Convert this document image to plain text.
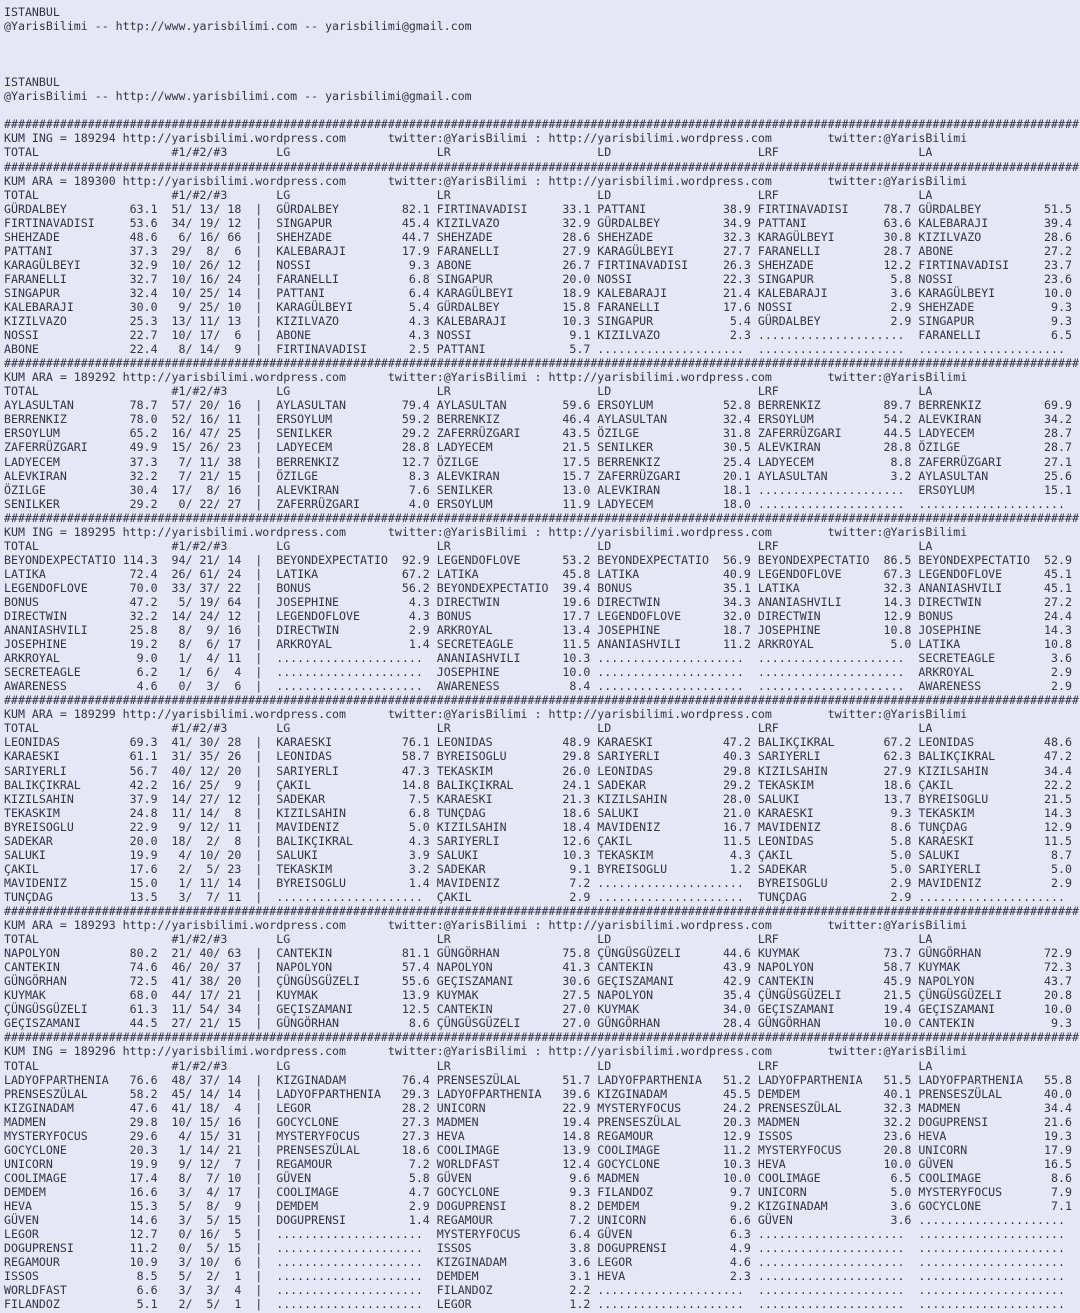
ISTANBUL
@YarisBilimi -- http://www.yarisbilimi.com -- yarisbilimi@gmail.com
ISTANBUL
@YarisBilimi -- http://www.yarisbilimi.com -- yarisbilimi@gmail.com
##########################################################################################################################################################
KUM ING = 189294 http://yarisbilimi.wordpress.com      twitter:@YarisBilimi : http://yarisbilimi.wordpress.com        twitter:@YarisBilimi
TOTAL                   #1/#2/#3       LG                     LR                     LD                     LRF                    LA
##########################################################################################################################################################
KUM ARA = 189300 http://yarisbilimi.wordpress.com      twitter:@YarisBilimi : http://yarisbilimi.wordpress.com        twitter:@YarisBilimi
TOTAL                   #1/#2/#3       LG                     LR                     LD                     LRF                    LA
GÜRDALBEY         63.1  51/ 13/ 18  |  GÜRDALBEY         82.1 FIRTINAVADISI     33.1 PATTANI           38.9 FIRTINAVADISI     78.7 GÜRDALBEY         51.5
FIRTINAVADISI     53.6  34/ 19/ 12  |  SINGAPUR          45.4 KIZILVAZO         32.9 GÜRDALBEY         34.9 PATTANI           63.6 KALEBARAJI        39.4
SHEHZADE          48.6   6/ 16/ 66  |  SHEHZADE          44.7 SHEHZADE          28.6 SHEHZADE          32.3 KARAGÜLBEYI       30.8 KIZILVAZO         28.6
PATTANI           37.3  29/  8/  6  |  KALEBARAJI        17.9 FARANELLI         27.9 KARAGÜLBEYI       27.7 FARANELLI         28.7 ABONE             27.2
KARAGÜLBEYI       32.9  10/ 26/ 12  |  NOSSI              9.3 ABONE             26.7 FIRTINAVADISI     26.3 SHEHZADE          12.2 FIRTINAVADISI     23.7
FARANELLI         32.7  10/ 16/ 24  |  FARANELLI          6.8 SINGAPUR          20.0 NOSSI             22.3 SINGAPUR           5.8 NOSSI             23.6
SINGAPUR          32.4  10/ 25/ 14  |  PATTANI            6.4 KARAGÜLBEYI       18.9 KALEBARAJI        21.4 KALEBARAJI         3.6 KARAGÜLBEYI       10.0
KALEBARAJI        30.0   9/ 25/ 10  |  KARAGÜLBEYI        5.4 GÜRDALBEY         15.8 FARANELLI         17.6 NOSSI              2.9 SHEHZADE           9.3
KIZILVAZO         25.3  13/ 11/ 13  |  KIZILVAZO          4.3 KALEBARAJI        10.3 SINGAPUR           5.4 GÜRDALBEY          2.9 SINGAPUR           9.3
NOSSI             22.7  10/ 17/  6  |  ABONE              4.3 NOSSI              9.1 KIZILVAZO          2.3 .....................  FARANELLI          6.5
ABONE             22.4   8/ 14/  9  |  FIRTINAVADISI      2.5 PATTANI            5.7 .....................  .....................  .....................
##########################################################################################################################################################
KUM ARA = 189292 http://yarisbilimi.wordpress.com      twitter:@YarisBilimi : http://yarisbilimi.wordpress.com        twitter:@YarisBilimi
TOTAL                   #1/#2/#3       LG                     LR                     LD                     LRF                    LA
AYLASULTAN        78.7  57/ 20/ 16  |  AYLASULTAN        79.4 AYLASULTAN        59.6 ERSOYLUM          52.8 BERRENKIZ         89.7 BERRENKIZ         69.9
BERRENKIZ         78.0  52/ 16/ 11  |  ERSOYLUM          59.2 BERRENKIZ         46.4 AYLASULTAN        32.4 ERSOYLUM          54.2 ALEVKIRAN         34.2
ERSOYLUM          65.2  16/ 47/ 25  |  SENILKER          29.2 ZAFERRÜZGARI      43.5 ÖZILGE            31.8 ZAFERRÜZGARI      44.5 LADYECEM          28.7
ZAFERRÜZGARI      49.9  15/ 26/ 23  |  LADYECEM          28.8 LADYECEM          21.5 SENILKER          30.5 ALEVKIRAN         28.8 ÖZILGE            28.7
LADYECEM          37.3   7/ 11/ 38  |  BERRENKIZ         12.7 ÖZILGE            17.5 BERRENKIZ         25.4 LADYECEM           8.8 ZAFERRÜZGARI      27.1
ALEVKIRAN         32.2   7/ 21/ 15  |  ÖZILGE             8.3 ALEVKIRAN         15.7 ZAFERRÜZGARI      20.1 AYLASULTAN         3.2 AYLASULTAN        25.6
ÖZILGE            30.4  17/  8/ 16  |  ALEVKIRAN          7.6 SENILKER          13.0 ALEVKIRAN         18.1 .....................  ERSOYLUM          15.1
SENILKER          29.2   0/ 22/ 27  |  ZAFERRÜZGARI       4.0 ERSOYLUM          11.9 LADYECEM          18.0 .....................  .....................
##########################################################################################################################################################
KUM ING = 189295 http://yarisbilimi.wordpress.com      twitter:@YarisBilimi : http://yarisbilimi.wordpress.com        twitter:@YarisBilimi
TOTAL                   #1/#2/#3       LG                     LR                     LD                     LRF                    LA
BEYONDEXPECTATIO 114.3  94/ 21/ 14  |  BEYONDEXPECTATIO  92.9 LEGENDOFLOVE      53.2 BEYONDEXPECTATIO  56.9 BEYONDEXPECTATIO  86.5 BEYONDEXPECTATIO  52.9
LATIKA            72.4  26/ 61/ 24  |  LATIKA            67.2 LATIKA            45.8 LATIKA            40.9 LEGENDOFLOVE      67.3 LEGENDOFLOVE      45.1
LEGENDOFLOVE      70.0  33/ 37/ 22  |  BONUS             56.2 BEYONDEXPECTATIO  39.4 BONUS             35.1 LATIKA            32.3 ANANIASHVILI      45.1
BONUS             47.2   5/ 19/ 64  |  JOSEPHINE          4.3 DIRECTWIN         19.6 DIRECTWIN         34.3 ANANIASHVILI      14.3 DIRECTWIN         27.2
DIRECTWIN         32.2  14/ 24/ 12  |  LEGENDOFLOVE       4.3 BONUS             17.7 LEGENDOFLOVE      32.0 DIRECTWIN         12.9 BONUS             24.4
ANANIASHVILI      25.8   8/  9/ 16  |  DIRECTWIN          2.9 ARKROYAL          13.4 JOSEPHINE         18.7 JOSEPHINE         10.8 JOSEPHINE         14.3
JOSEPHINE         19.2   8/  6/ 17  |  ARKROYAL           1.4 SECRETEAGLE       11.5 ANANIASHVILI      11.2 ARKROYAL           5.0 LATIKA            10.8
ARKROYAL           9.0   1/  4/ 11  |  .....................  ANANIASHVILI      10.3 .....................  .....................  SECRETEAGLE        3.6
SECRETEAGLE        6.2   1/  6/  4  |  .....................  JOSEPHINE         10.0 .....................  .....................  ARKROYAL           2.9
AWARENESS          4.6   0/  3/  6  |  .....................  AWARENESS          8.4 .....................  .....................  AWARENESS          2.9
##########################################################################################################################################################
KUM ARA = 189299 http://yarisbilimi.wordpress.com      twitter:@YarisBilimi : http://yarisbilimi.wordpress.com        twitter:@YarisBilimi
TOTAL                   #1/#2/#3       LG                     LR                     LD                     LRF                    LA
LEONIDAS          69.3  41/ 30/ 28  |  KARAESKI          76.1 LEONIDAS          48.9 KARAESKI          47.2 BALIKÇIKRAL       67.2 LEONIDAS          48.6
KARAESKI          61.1  31/ 35/ 26  |  LEONIDAS          58.7 BYREISOGLU        29.8 SARIYERLI         40.3 SARIYERLI         62.3 BALIKÇIKRAL       47.2
SARIYERLI         56.7  40/ 12/ 20  |  SARIYERLI         47.3 TEKASKIM          26.0 LEONIDAS          29.8 KIZILSAHIN        27.9 KIZILSAHIN        34.4
BALIKÇIKRAL       42.2  16/ 25/  9  |  ÇAKIL             14.8 BALIKÇIKRAL       24.1 SADEKAR           29.2 TEKASKIM          18.6 ÇAKIL             22.2
KIZILSAHIN        37.9  14/ 27/ 12  |  SADEKAR            7.5 KARAESKI          21.3 KIZILSAHIN        28.0 SALUKI            13.7 BYREISOGLU        21.5
TEKASKIM          24.8  11/ 14/  8  |  KIZILSAHIN         6.8 TUNÇDAG           18.6 SALUKI            21.0 KARAESKI           9.3 TEKASKIM          14.3
BYREISOGLU        22.9   9/ 12/ 11  |  MAVIDENIZ          5.0 KIZILSAHIN        18.4 MAVIDENIZ         16.7 MAVIDENIZ          8.6 TUNÇDAG           12.9
SADEKAR           20.0  18/  2/  8  |  BALIKÇIKRAL        4.3 SARIYERLI         12.6 ÇAKIL             11.5 LEONIDAS           5.8 KARAESKI          11.5
SALUKI            19.9   4/ 10/ 20  |  SALUKI             3.9 SALUKI            10.3 TEKASKIM           4.3 ÇAKIL              5.0 SALUKI             8.7
ÇAKIL             17.6   2/  5/ 23  |  TEKASKIM           3.2 SADEKAR            9.1 BYREISOGLU         1.2 SADEKAR            5.0 SARIYERLI          5.0
MAVIDENIZ         15.0   1/ 11/ 14  |  BYREISOGLU         1.4 MAVIDENIZ          7.2 .....................  BYREISOGLU         2.9 MAVIDENIZ          2.9
TUNÇDAG           13.5   3/  7/ 11  |  .....................  ÇAKIL              2.9 .....................  TUNÇDAG            2.9 .....................
##########################################################################################################################################################
KUM ARA = 189293 http://yarisbilimi.wordpress.com      twitter:@YarisBilimi : http://yarisbilimi.wordpress.com        twitter:@YarisBilimi
TOTAL                   #1/#2/#3       LG                     LR                     LD                     LRF                    LA
NAPOLYON          80.2  21/ 40/ 63  |  CANTEKIN          81.1 GÜNGÖRHAN         75.8 ÇÜNGÜSGÜZELI      44.6 KUYMAK            73.7 GÜNGÖRHAN         72.9
CANTEKIN          74.6  46/ 20/ 37  |  NAPOLYON          57.4 NAPOLYON          41.3 CANTEKIN          43.9 NAPOLYON          58.7 KUYMAK            72.3
GÜNGÖRHAN         72.5  41/ 38/ 20  |  ÇÜNGÜSGÜZELI      55.6 GEÇISZAMANI       30.6 GEÇISZAMANI       42.9 CANTEKIN          45.9 NAPOLYON          43.7
KUYMAK            68.0  44/ 17/ 21  |  KUYMAK            13.9 KUYMAK            27.5 NAPOLYON          35.4 ÇÜNGÜSGÜZELI      21.5 ÇÜNGÜSGÜZELI      20.8
ÇÜNGÜSGÜZELI      61.3  11/ 54/ 34  |  GEÇISZAMANI       12.5 CANTEKIN          27.0 KUYMAK            34.0 GEÇISZAMANI       19.4 GEÇISZAMANI       10.0
GEÇISZAMANI       44.5  27/ 21/ 15  |  GÜNGÖRHAN          8.6 ÇÜNGÜSGÜZELI      27.0 GÜNGÖRHAN         28.4 GÜNGÖRHAN         10.0 CANTEKIN           9.3
##########################################################################################################################################################
KUM ING = 189296 http://yarisbilimi.wordpress.com      twitter:@YarisBilimi : http://yarisbilimi.wordpress.com        twitter:@YarisBilimi
TOTAL                   #1/#2/#3       LG                     LR                     LD                     LRF                    LA
LADYOFPARTHENIA   76.6  48/ 37/ 14  |  KIZGINADAM        76.4 PRENSESZÜLAL      51.7 LADYOFPARTHENIA   51.2 LADYOFPARTHENIA   51.5 LADYOFPARTHENIA   55.8
PRENSESZÜLAL      58.2  45/ 14/ 14  |  LADYOFPARTHENIA   29.3 LADYOFPARTHENIA   39.6 KIZGINADAM        45.5 DEMDEM            40.1 PRENSESZÜLAL      40.0
KIZGINADAM        47.6  41/ 18/  4  |  LEGOR             28.2 UNICORN           22.9 MYSTERYFOCUS      24.2 PRENSESZÜLAL      32.3 MADMEN            34.4
MADMEN            29.8  10/ 15/ 16  |  GOCYCLONE         27.3 MADMEN            19.4 PRENSESZÜLAL      20.3 MADMEN            32.2 DOGUPRENSI        21.6
MYSTERYFOCUS      29.6   4/ 15/ 31  |  MYSTERYFOCUS      27.3 HEVA              14.8 REGAMOUR          12.9 ISSOS             23.6 HEVA              19.3
GOCYCLONE         20.3   1/ 14/ 21  |  PRENSESZÜLAL      18.6 COOLIMAGE         13.9 COOLIMAGE         11.2 MYSTERYFOCUS      20.8 UNICORN           17.9
UNICORN           19.9   9/ 12/  7  |  REGAMOUR           7.2 WORLDFAST         12.4 GOCYCLONE         10.3 HEVA              10.0 GÜVEN             16.5
COOLIMAGE         17.4   8/  7/ 10  |  GÜVEN              5.8 GÜVEN              9.6 MADMEN            10.0 COOLIMAGE          6.5 COOLIMAGE          8.6
DEMDEM            16.6   3/  4/ 17  |  COOLIMAGE          4.7 GOCYCLONE          9.3 FILANDOZ           9.7 UNICORN            5.0 MYSTERYFOCUS       7.9
HEVA              15.3   5/  8/  9  |  DEMDEM             2.9 DOGUPRENSI         8.2 DEMDEM             9.2 KIZGINADAM         3.6 GOCYCLONE          7.1
GÜVEN             14.6   3/  5/ 15  |  DOGUPRENSI         1.4 REGAMOUR           7.2 UNICORN            6.6 GÜVEN              3.6 .....................
LEGOR             12.7   0/ 16/  5  |  .....................  MYSTERYFOCUS       6.4 GÜVEN              6.3 .....................  .....................
DOGUPRENSI        11.2   0/  5/ 15  |  .....................  ISSOS              3.8 DOGUPRENSI         4.9 .....................  .....................
REGAMOUR          10.9   3/ 10/  6  |  .....................  KIZGINADAM         3.6 LEGOR              4.6 .....................  .....................
ISSOS              8.5   5/  2/  1  |  .....................  DEMDEM             3.1 HEVA               2.3 .....................  .....................
WORLDFAST          6.6   3/  3/  4  |  .....................  FILANDOZ           2.2 .....................  .....................  .....................
FILANDOZ           5.1   2/  5/  1  |  .....................  LEGOR              1.2 .....................  .....................  .....................
